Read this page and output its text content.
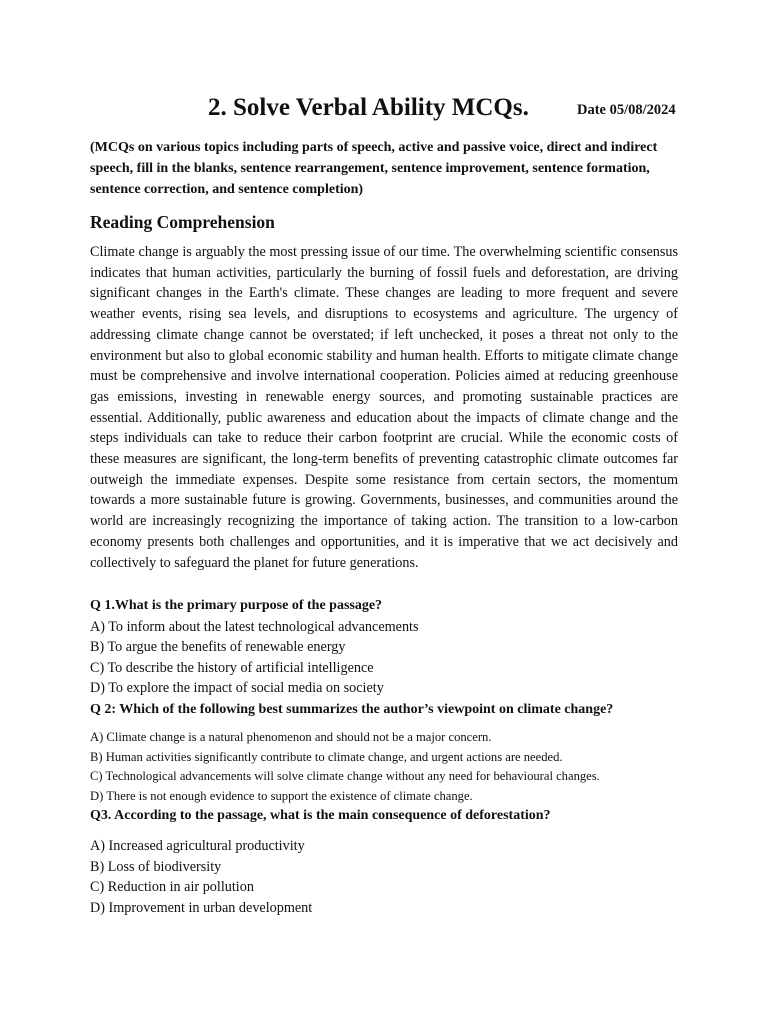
2. Solve Verbal Ability MCQs.	Date 05/08/2024
(MCQs on various topics including parts of speech, active and passive voice, direct and indirect speech, fill in the blanks, sentence rearrangement, sentence improvement, sentence formation, sentence correction, and sentence completion)
Reading Comprehension

Climate change is arguably the most pressing issue of our time. The overwhelming scientific consensus indicates that human activities, particularly the burning of fossil fuels and deforestation, are driving significant changes in the Earth's climate. These changes are leading to more frequent and severe weather events, rising sea levels, and disruptions to ecosystems and agriculture. The urgency of addressing climate change cannot be overstated; if left unchecked, it poses a threat not only to the environment but also to global economic stability and human health. Efforts to mitigate climate change must be comprehensive and involve international cooperation. Policies aimed at reducing greenhouse gas emissions, investing in renewable energy sources, and promoting sustainable practices are essential. Additionally, public awareness and education about the impacts of climate change and the steps individuals can take to reduce their carbon footprint are crucial. While the economic costs of these measures are significant, the long-term benefits of preventing catastrophic climate outcomes far outweigh the immediate expenses. Despite some resistance from certain sectors, the momentum towards a more sustainable future is growing. Governments, businesses, and communities around the world are increasingly recognizing the importance of taking action. The transition to a low-carbon economy presents both challenges and opportunities, and it is imperative that we act decisively and collectively to safeguard the planet for future generations.

Q 1.What is the primary purpose of the passage?
A) To inform about the latest technological advancements
B) To argue the benefits of renewable energy
C) To describe the history of artificial intelligence
D) To explore the impact of social media on society
Q 2: Which of the following best summarizes the author’s viewpoint on climate change?
A) Climate change is a natural phenomenon and should not be a major concern.
B) Human activities significantly contribute to climate change, and urgent actions are needed.
C) Technological advancements will solve climate change without any need for behavioural changes.
D) There is not enough evidence to support the existence of climate change.
Q3. According to the passage, what is the main consequence of deforestation?
A) Increased agricultural productivity
B) Loss of biodiversity
C) Reduction in air pollution
D) Improvement in urban development
